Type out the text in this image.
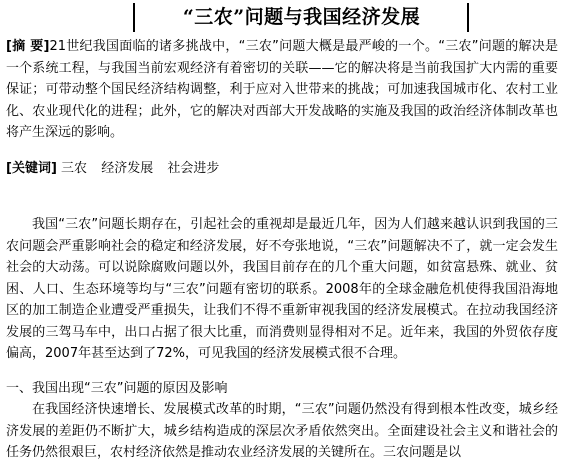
“三农”问题与我国经济发展
[摘 要]21世纪我国面临的诸多挑战中，“三农”问题大概是最严峻的一个。“三农”问题的解决是一个系统工程，与我国当前宏观经济有着密切的关联——它的解决将是当前我国扩大内需的重要保证；可带动整个国民经济结构调整，利于应对入世带来的挑战；可加速我国城市化、农村工业化、农业现代化的进程；此外，它的解决对西部大开发战略的实施及我国的政治经济体制改革也将产生深远的影响。
[关键词] 三农 经济发展 社会进步

我国“三农”问题长期存在，引起社会的重视却是最近几年，因为人们越来越认识到我国的三农问题会严重影响社会的稳定和经济发展，好不夸张地说，“三农”问题解决不了，就一定会发生社会的大动荡。可以说除腐败问题以外，我国目前存在的几个重大问题，如贫富悬殊、就业、贫困、人口、生态环境等均与“三农”问题有密切的联系。2008年的全球金融危机使得我国沿海地区的加工制造企业遭受严重损失，让我们不得不重新审视我国的经济发展模式。在拉动我国经济发展的三驾马车中，出口占据了很大比重，而消费则显得相对不足。近年来，我国的外贸依存度偏高，2007年甚至达到了72%，可见我国的经济发展模式很不合理。

一、我国出现“三农”问题的原因及影响

在我国经济快速增长、发展模式改革的时期，“三农”问题仍然没有得到根本性改变，城乡经济发展的差距仍不断扩大，城乡结构造成的深层次矛盾依然突出。全面建设社会主义和谐社会的任务仍然很艰巨，农村经济依然是推动农业经济发展的关键所在。三农问题是以
